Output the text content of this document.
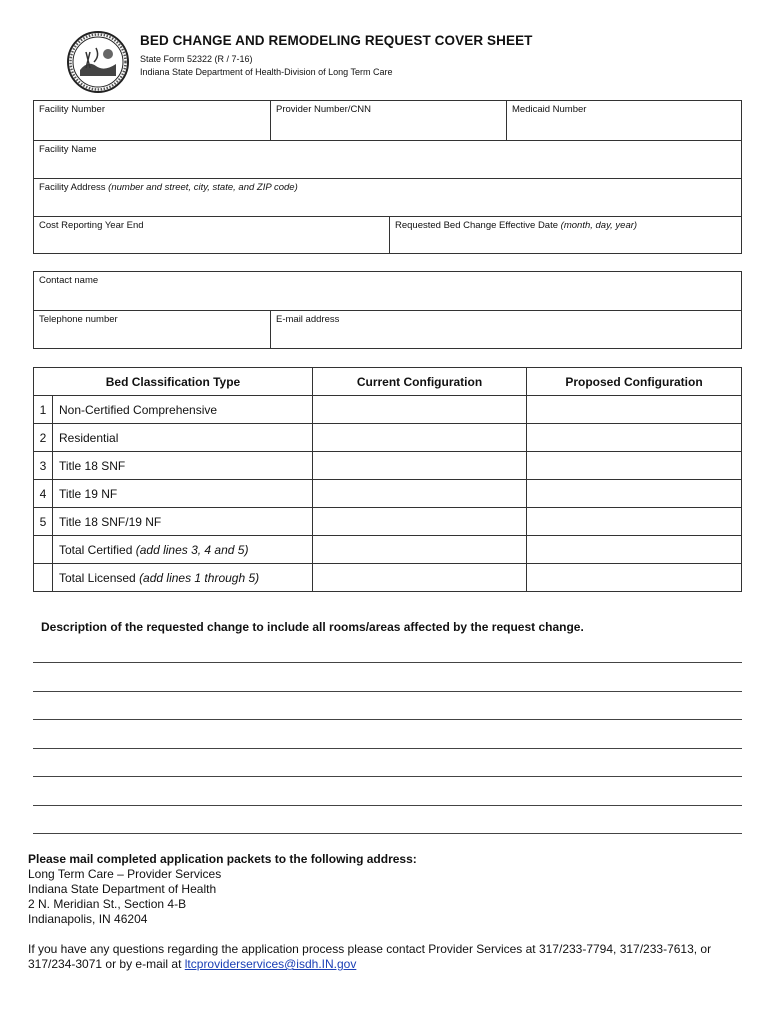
BED CHANGE AND REMODELING REQUEST COVER SHEET
State Form 52322 (R / 7-16)
Indiana State Department of Health-Division of Long Term Care
Facility Number	Provider Number/CNN	Medicaid Number
Facility Name
Facility Address (number and street, city, state, and ZIP code)
Cost Reporting Year End	Requested Bed Change Effective Date (month, day, year)
Contact name
Telephone number	E-mail address
Bed Classification Type		Current Configuration	Proposed Configuration
1	Non-Certified Comprehensive		
2	Residential		
3	Title 18 SNF		
4	Title 19 NF		
5	Title 18 SNF/19 NF		
	Total Certified (add lines 3, 4 and 5)		
	Total Licensed (add lines 1 through 5)		
Description of the requested change to include all rooms/areas affected by the request change.
Please mail completed application packets to the following address:
Long Term Care – Provider Services
Indiana State Department of Health
2 N. Meridian St., Section 4-B
Indianapolis, IN 46204
If you have any questions regarding the application process please contact Provider Services at 317/233-7794, 317/233-7613, or 317/234-3071 or by e-mail at ltcproviderservices@isdh.IN.gov
